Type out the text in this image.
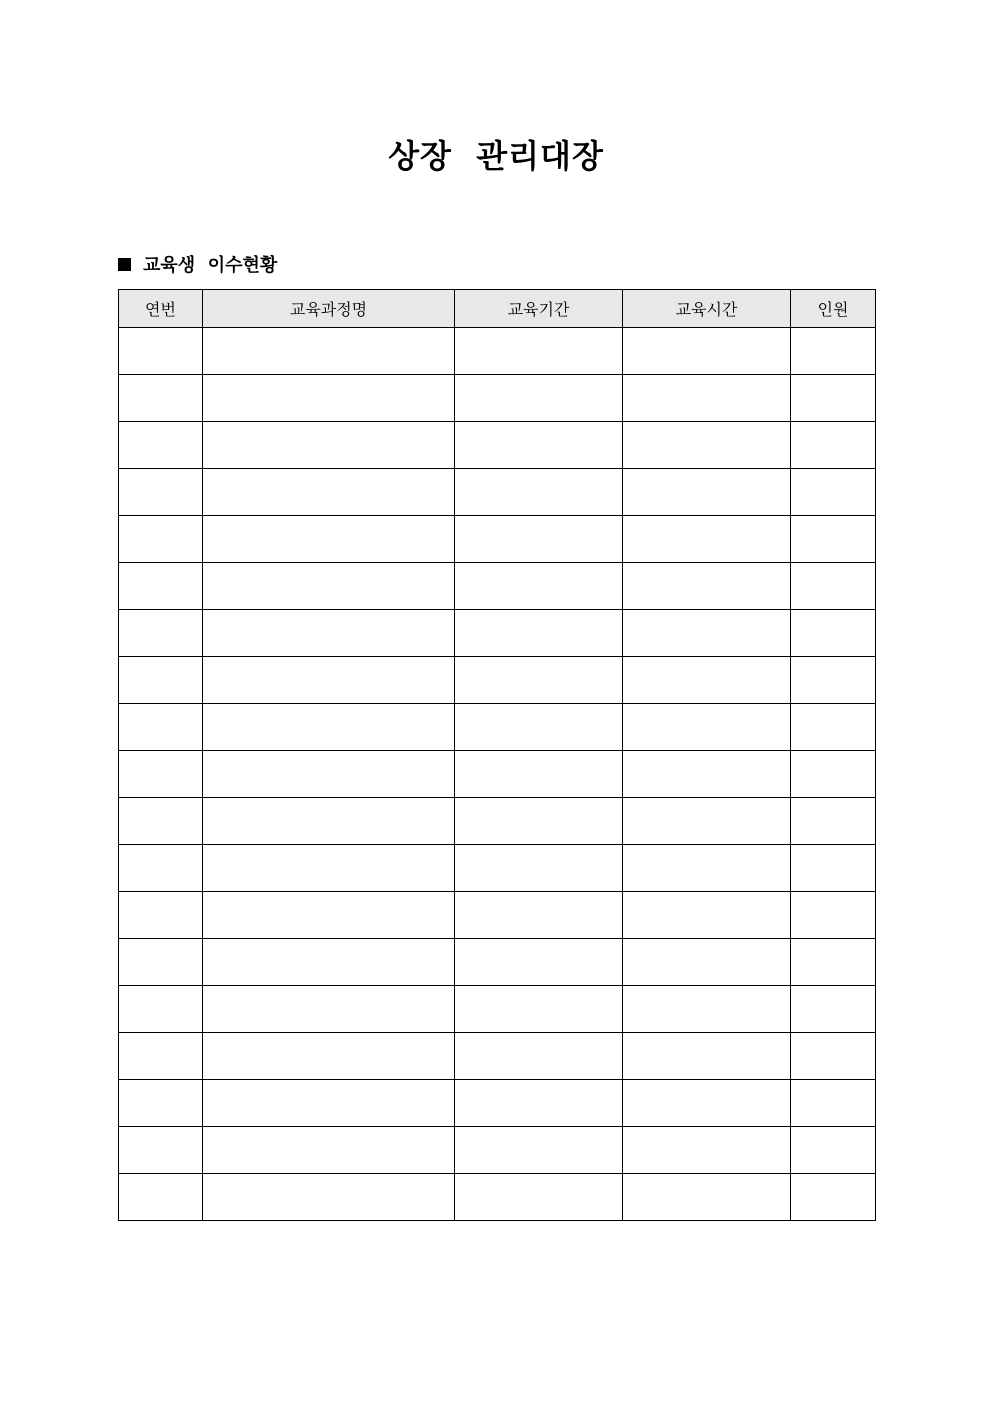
상장  관리대장
교육생  이수현황
연번	교육과정명	교육기간	교육시간	인원
